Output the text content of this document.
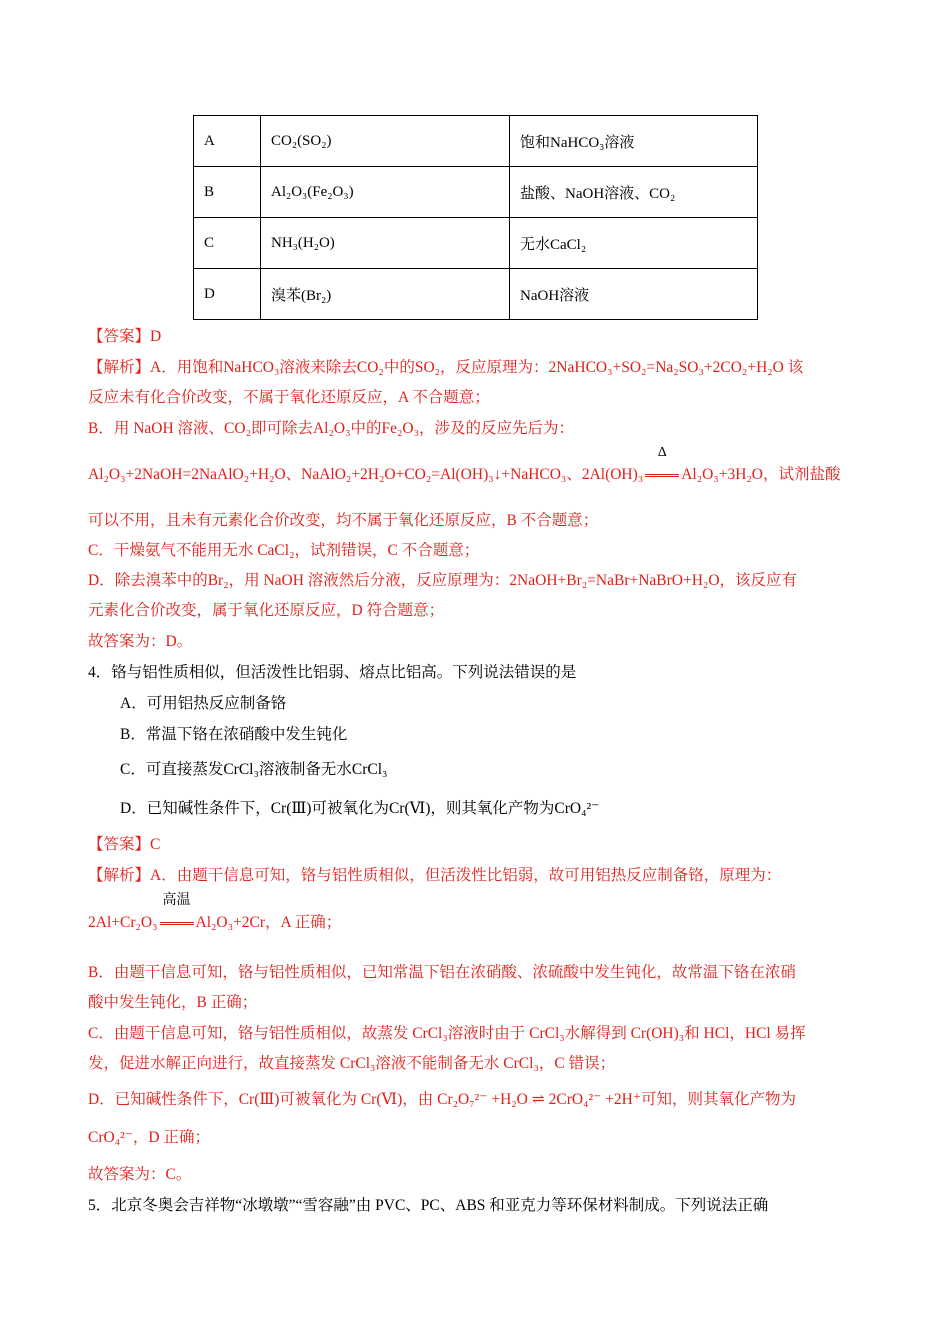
A	CO₂(SO₂)	饱和NaHCO₃溶液
B	Al₂O₃(Fe₂O₃)	盐酸、NaOH溶液、CO₂
C	NH₃(H₂O)	无水CaCl₂
D	溴苯(Br₂)	NaOH溶液
【答案】D
【解析】A．用饱和NaHCO₃溶液来除去CO₂中的SO₂，反应原理为：2NaHCO₃+SO₂=Na₂SO₃+2CO₂+H₂O 该
反应未有化合价改变，不属于氧化还原反应，A 不合题意；
B．用 NaOH 溶液、CO₂即可除去Al₂O₃中的Fe₂O₃，涉及的反应先后为：
Al₂O₃+2NaOH=2NaAlO₂+H₂O、NaAlO₂+2H₂O+CO₂=Al(OH)₃↓+NaHCO₃、2Al(OH)₃
Δ
Al₂O₃+3H₂O，试剂盐酸
可以不用，且未有元素化合价改变，均不属于氧化还原反应，B 不合题意；
C．干燥氨气不能用无水 CaCl₂，试剂错误，C 不合题意；
D．除去溴苯中的Br₂，用 NaOH 溶液然后分液，反应原理为：2NaOH+Br₂=NaBr+NaBrO+H₂O，该反应有
元素化合价改变，属于氧化还原反应，D 符合题意；
故答案为：D。
4．铬与铝性质相似，但活泼性比铝弱、熔点比铝高。下列说法错误的是
A．可用铝热反应制备铬
B．常温下铬在浓硝酸中发生钝化
C．可直接蒸发CrCl₃溶液制备无水CrCl₃
D．已知碱性条件下，Cr(Ⅲ)可被氧化为Cr(Ⅵ)，则其氧化产物为CrO₄²⁻
【答案】C
【解析】A．由题干信息可知，铬与铝性质相似，但活泼性比铝弱，故可用铝热反应制备铬，原理为：
2Al+Cr₂O₃
高温
Al₂O₃+2Cr，A 正确；
B．由题干信息可知，铬与铝性质相似，已知常温下铝在浓硝酸、浓硫酸中发生钝化，故常温下铬在浓硝
酸中发生钝化，B 正确；
C．由题干信息可知，铬与铝性质相似，故蒸发 CrCl₃溶液时由于 CrCl₃水解得到 Cr(OH)₃和 HCl，HCl 易挥
发，促进水解正向进行，故直接蒸发 CrCl₃溶液不能制备无水 CrCl₃，C 错误；
D．已知碱性条件下，Cr(Ⅲ)可被氧化为 Cr(Ⅵ)，由 Cr₂O₇²⁻ +H₂O ⇌ 2CrO₄²⁻ +2H⁺可知，则其氧化产物为
CrO₄²⁻，D 正确；
故答案为：C。
5．北京冬奥会吉祥物“冰墩墩”“雪容融”由 PVC、PC、ABS 和亚克力等环保材料制成。下列说法正确
